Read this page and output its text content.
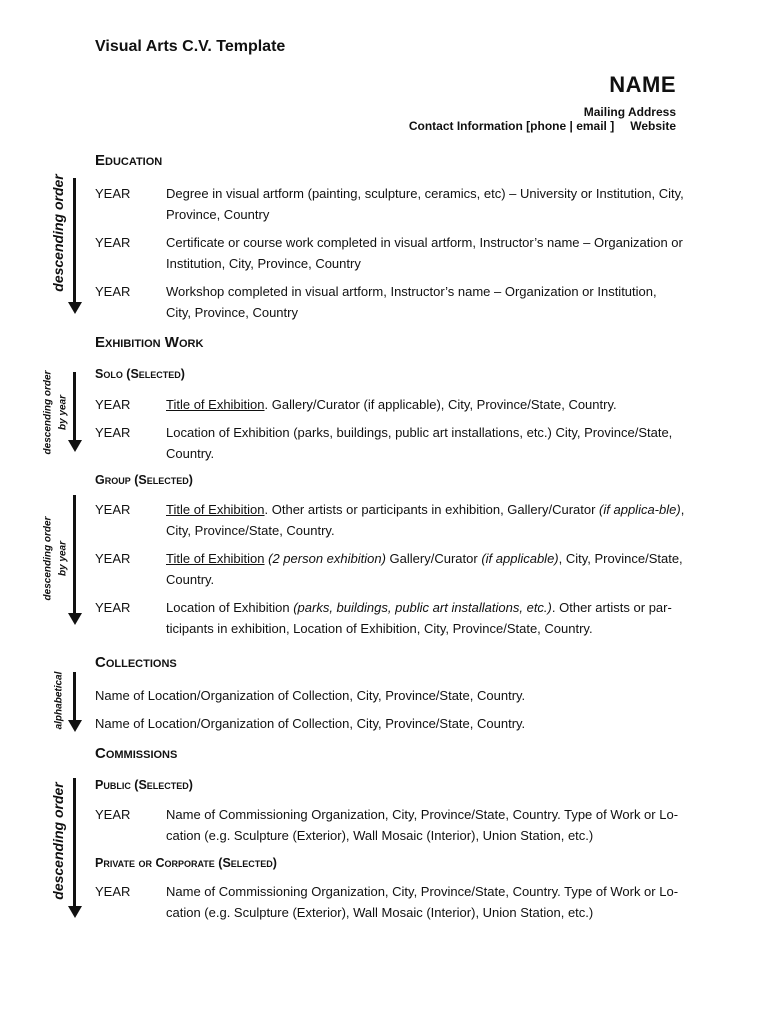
Visual Arts C.V. Template
NAME
Mailing Address
Contact Information [phone | email ] Website
descending order
descending order by year
descending order by year
alphabetical
descending order
Education
YEAR	Degree in visual artform (painting, sculpture, ceramics, etc) – University or Institution, City, Province, Country
YEAR	Certificate or course work completed in visual artform, Instructor’s name – Organization or Institution, City, Province, Country
YEAR	Workshop completed in visual artform, Instructor’s name – Organization or Institution, City, Province, Country
Exhibition Work
Solo (Selected)
YEAR	Title of Exhibition. Gallery/Curator (if applicable), City, Province/State, Country.
YEAR	Location of Exhibition (parks, buildings, public art installations, etc.) City, Province/State, Country.
Group (Selected)
YEAR	Title of Exhibition. Other artists or participants in exhibition, Gallery/Curator (if applica-ble), City, Province/State, Country.
YEAR	Title of Exhibition (2 person exhibition) Gallery/Curator (if applicable), City, Province/State, Country.
YEAR	Location of Exhibition (parks, buildings, public art installations, etc.). Other artists or par-ticipants in exhibition, Location of Exhibition, City, Province/State, Country.
Collections
Name of Location/Organization of Collection, City, Province/State, Country.
Name of Location/Organization of Collection, City, Province/State, Country.
Commissions
Public (Selected)
YEAR	Name of Commissioning Organization, City, Province/State, Country. Type of Work or Lo-cation (e.g. Sculpture (Exterior), Wall Mosaic (Interior), Union Station, etc.)
Private or Corporate (Selected)
YEAR	Name of Commissioning Organization, City, Province/State, Country. Type of Work or Lo-cation (e.g. Sculpture (Exterior), Wall Mosaic (Interior), Union Station, etc.)
